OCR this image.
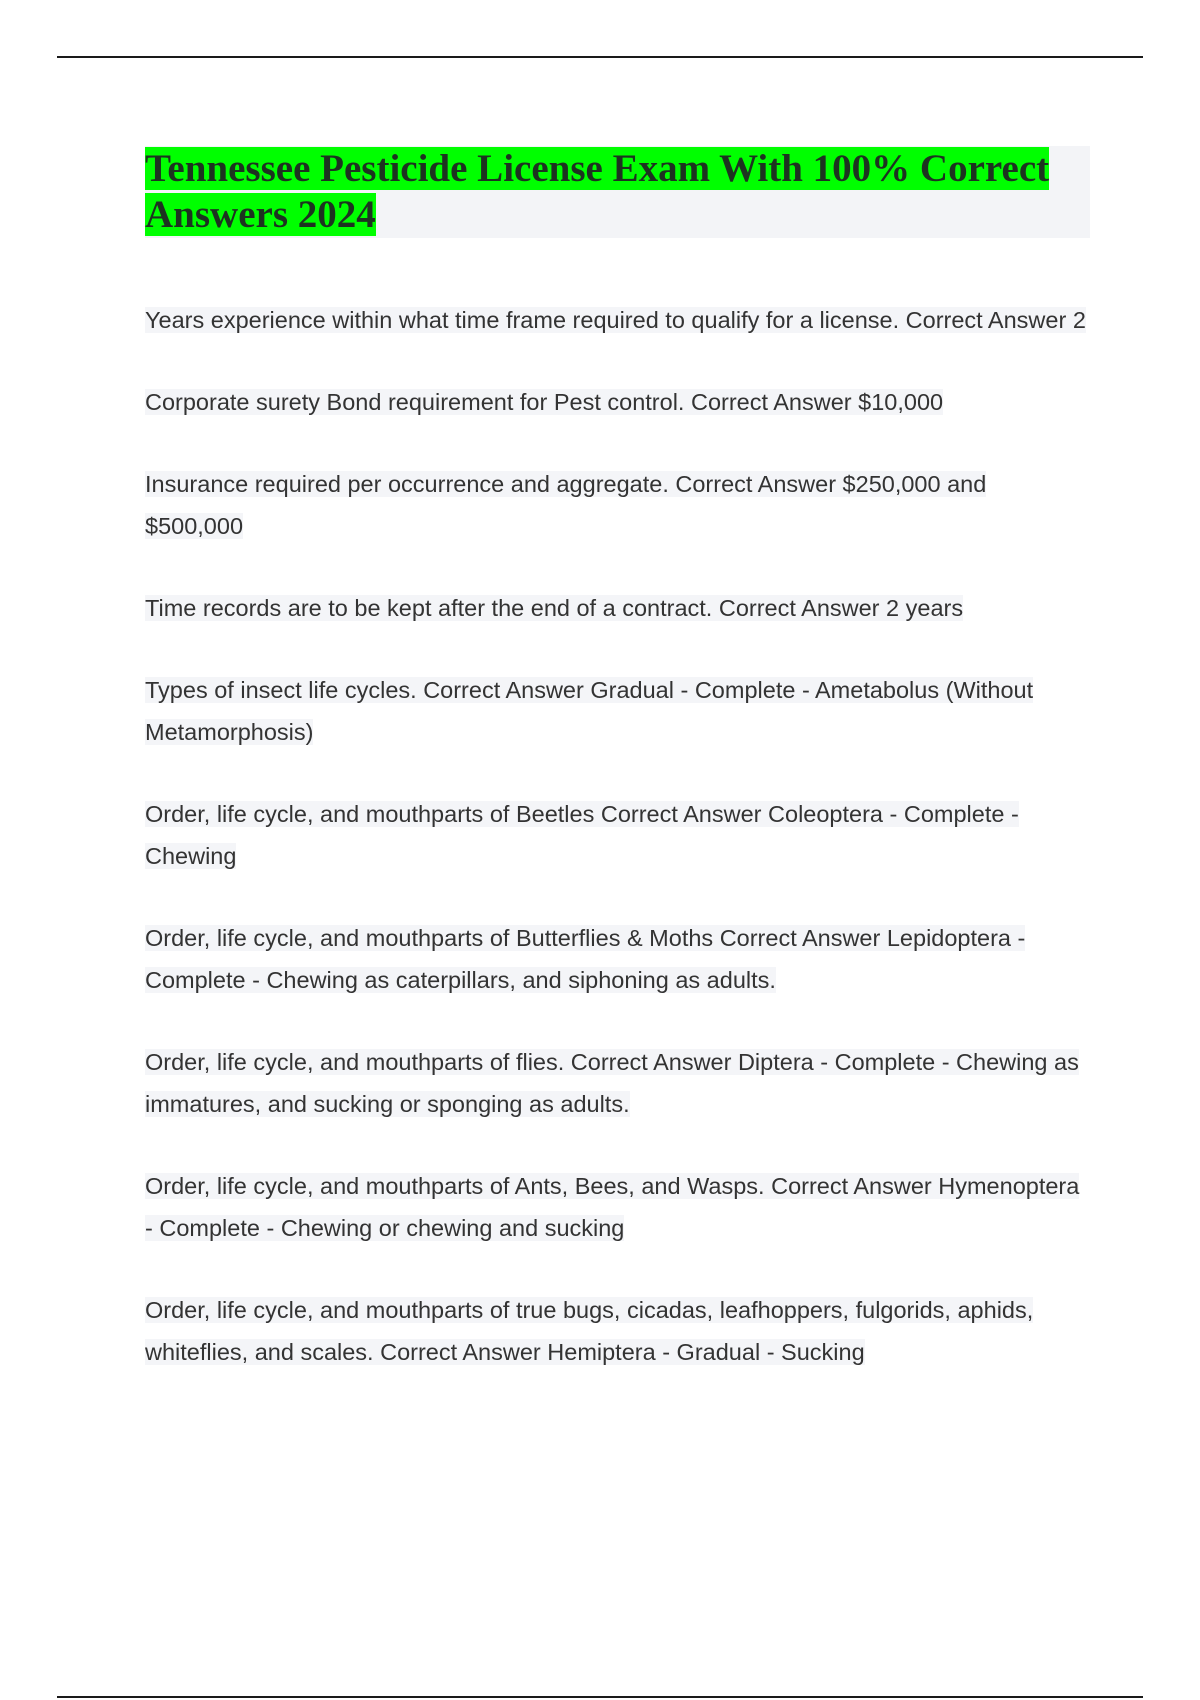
Tennessee Pesticide License Exam With 100% Correct Answers 2024

Years experience within what time frame required to qualify for a license. Correct Answer 2

Corporate surety Bond requirement for Pest control. Correct Answer $10,000

Insurance required per occurrence and aggregate. Correct Answer $250,000 and $500,000

Time records are to be kept after the end of a contract. Correct Answer 2 years

Types of insect life cycles. Correct Answer Gradual - Complete - Ametabolus (Without Metamorphosis)

Order, life cycle, and mouthparts of Beetles Correct Answer Coleoptera - Complete - Chewing

Order, life cycle, and mouthparts of Butterflies & Moths Correct Answer Lepidoptera - Complete - Chewing as caterpillars, and siphoning as adults.

Order, life cycle, and mouthparts of flies. Correct Answer Diptera - Complete - Chewing as immatures, and sucking or sponging as adults.

Order, life cycle, and mouthparts of Ants, Bees, and Wasps. Correct Answer Hymenoptera - Complete - Chewing or chewing and sucking

Order, life cycle, and mouthparts of true bugs, cicadas, leafhoppers, fulgorids, aphids, whiteflies, and scales. Correct Answer Hemiptera - Gradual - Sucking
